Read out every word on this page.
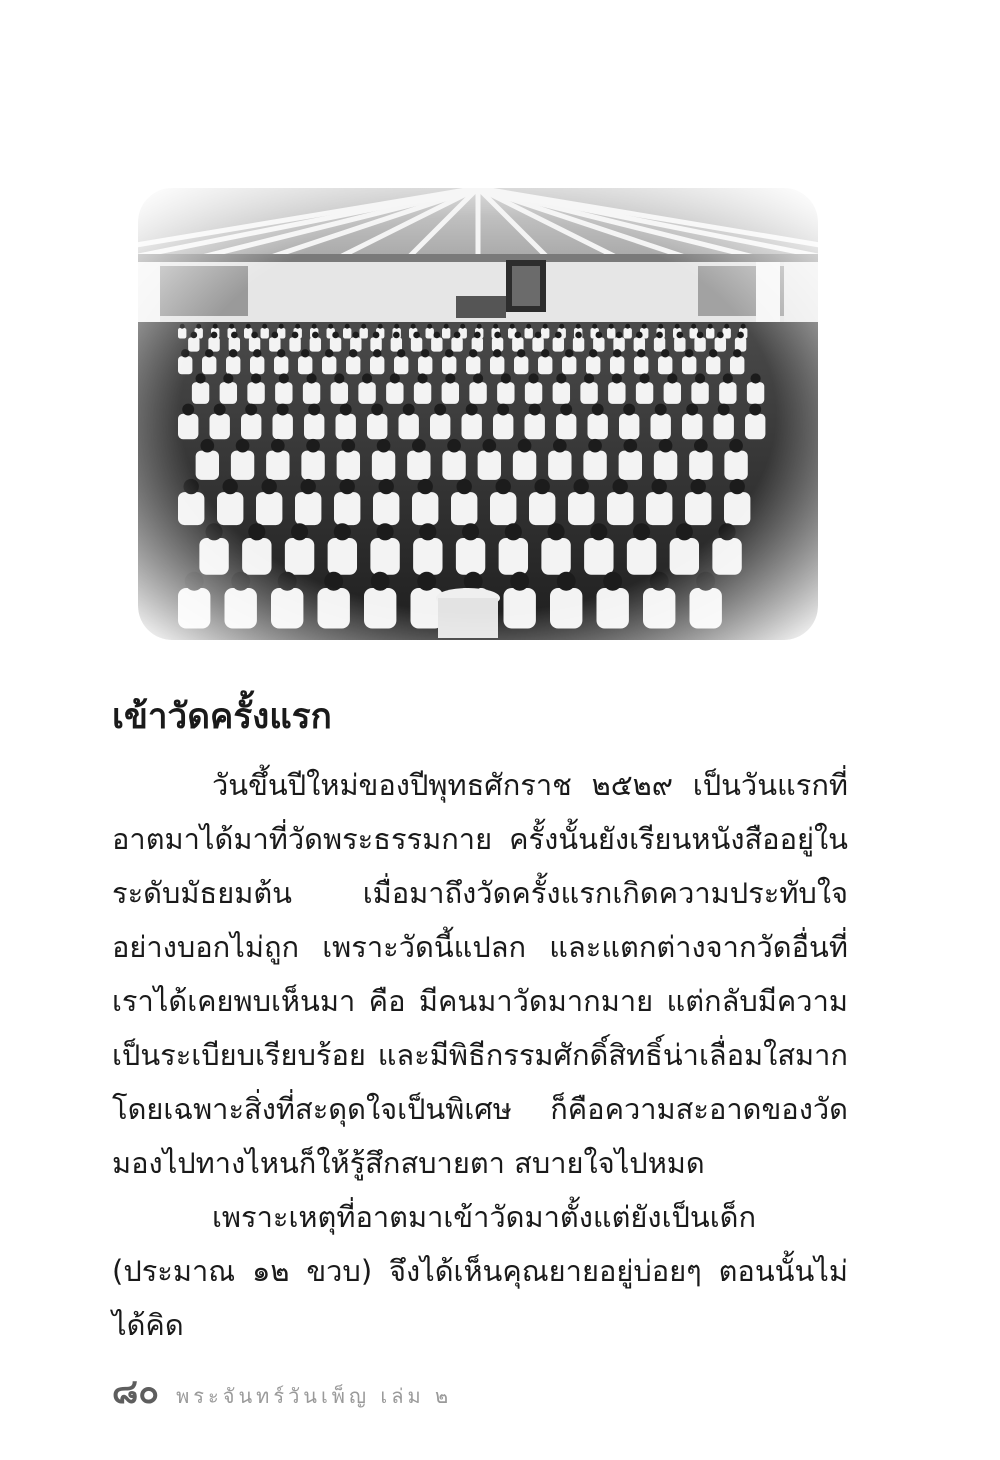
เข้าวัดครั้งแรก

วันขึ้นปีใหม่ของปีพุทธศักราช ๒๕๒๙ เป็นวันแรกที่อาตมาได้มาที่วัดพระธรรมกาย ครั้งนั้นยังเรียนหนังสืออยู่ในระดับมัธยมต้น เมื่อมาถึงวัดครั้งแรกเกิดความประทับใจอย่างบอกไม่ถูก เพราะวัดนี้แปลก และแตกต่างจากวัดอื่นที่เราได้เคยพบเห็นมา คือ มีคนมาวัดมากมาย แต่กลับมีความเป็นระเบียบเรียบร้อย และมีพิธีกรรมศักดิ์สิทธิ์น่าเลื่อมใสมาก โดยเฉพาะสิ่งที่สะดุดใจเป็นพิเศษ ก็คือความสะอาดของวัด มองไปทางไหนก็ให้รู้สึกสบายตา สบายใจไปหมด

เพราะเหตุที่อาตมาเข้าวัดมาตั้งแต่ยังเป็นเด็ก (ประมาณ ๑๒ ขวบ) จึงได้เห็นคุณยายอยู่บ่อยๆ ตอนนั้นไม่ได้คิด

๘๐ พระจันทร์วันเพ็ญ เล่ม ๒
